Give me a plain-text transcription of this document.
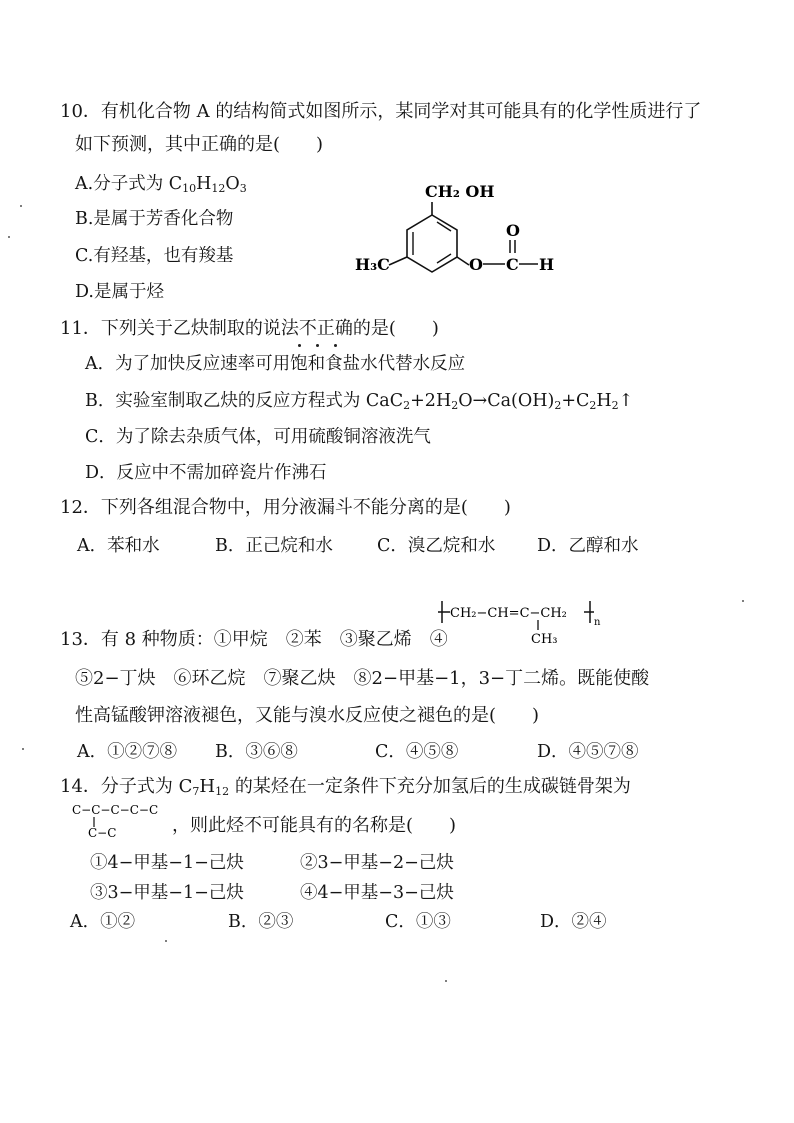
10．有机化合物 A 的结构简式如图所示，某同学对其可能具有的化学性质进行了
如下预测，其中正确的是(　　)
A.分子式为 $C_{10}H_{12}O_3$
B.是属于芳香化合物
C.有羟基，也有羧基
D.是属于烃
CH₂ OH
H₃C	O C H
O
11．下列关于乙炔制取的说法不正确的是(　　)
A．为了加快反应速率可用饱和食盐水代替水反应
B．实验室制取乙炔的反应方程式为 $CaC_2+2H_2O\to Ca(OH)_2+C_2H_2↑$
C．为了除去杂质气体，可用硫酸铜溶液洗气
D．反应中不需加碎瓷片作沸石
12．下列各组混合物中，用分液漏斗不能分离的是(　　)
A．苯和水	B．正己烷和水	C．溴乙烷和水 D．乙醇和水
CH₂−CH=C−CH₂
n
CH₃
13．有 8 种物质：①甲烷　②苯　③聚乙烯　④
⑤2−丁炔　⑥环乙烷　⑦聚乙炔　⑧2−甲基−1，3−丁二烯。既能使酸
性高锰酸钾溶液褪色，又能与溴水反应使之褪色的是(　　)
A．①②⑦⑧ B．③⑥⑧	C．④⑤⑧	D．④⑤⑦⑧
14．分子式为 $C_7H_{12}$ 的某烃在一定条件下充分加氢后的生成碳链骨架为
C−C−C−C−C
C−C	，则此烃不可能具有的名称是(　　)
①4−甲基−1−己炔	②3−甲基−2−己炔
③3−甲基−1−己炔	④4−甲基−3−己炔
A．①②	B．②③	C．①③	D．②④
